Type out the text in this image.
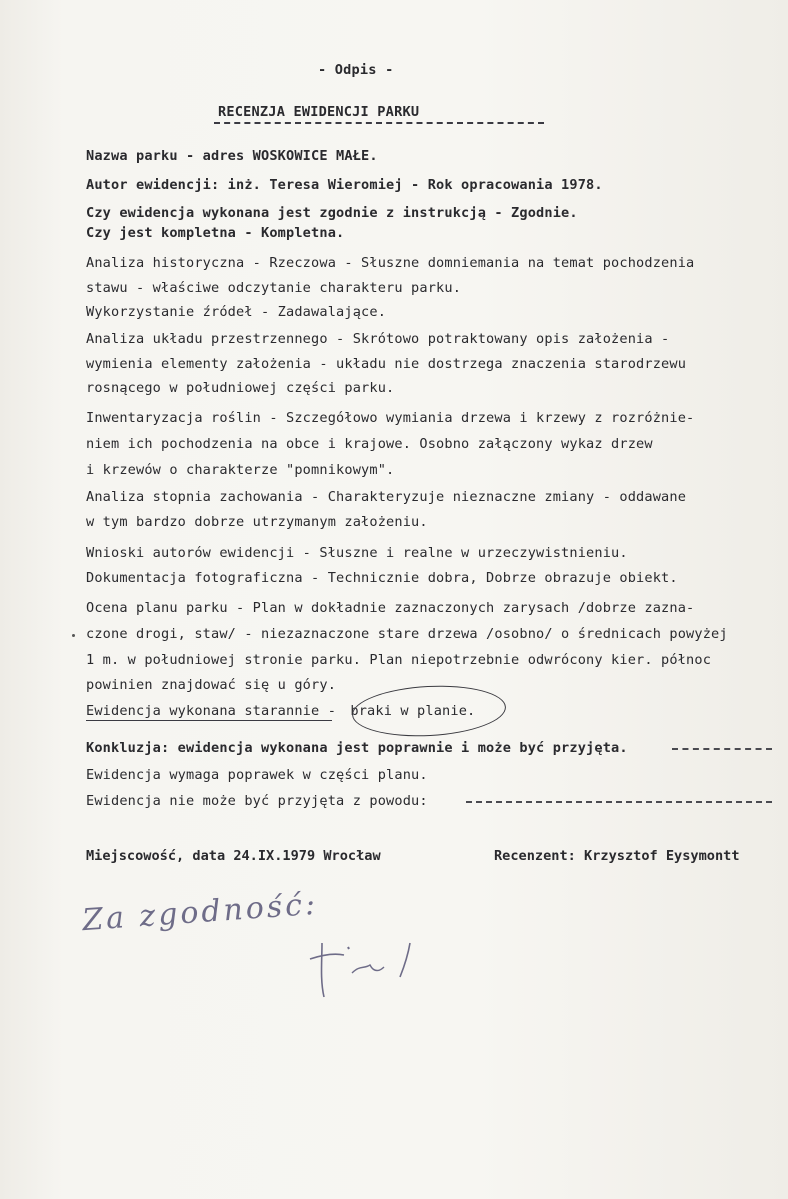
- Odpis -
RECENZJA EWIDENCJI PARKU
Nazwa parku - adres WOSKOWICE MAŁE.
Autor ewidencji: inż. Teresa Wieromiej - Rok opracowania 1978.
Czy ewidencja wykonana jest zgodnie z instrukcją - Zgodnie.
Czy jest kompletna - Kompletna.
Analiza historyczna - Rzeczowa - Słuszne domniemania na temat pochodzenia
stawu - właściwe odczytanie charakteru parku.
Wykorzystanie źródeł - Zadawalające.
Analiza układu przestrzennego - Skrótowo potraktowany opis założenia -
wymienia elementy założenia - układu nie dostrzega znaczenia starodrzewu
rosnącego w południowej części parku.
Inwentaryzacja roślin - Szczegółowo wymiania drzewa i krzewy z rozróżnie-
niem ich pochodzenia na obce i krajowe. Osobno załączony wykaz drzew
i krzewów o charakterze "pomnikowym".
Analiza stopnia zachowania - Charakteryzuje nieznaczne zmiany - oddawane
w tym bardzo dobrze utrzymanym założeniu.
Wnioski autorów ewidencji - Słuszne i realne w urzeczywistnieniu.
Dokumentacja fotograficzna - Technicznie dobra, Dobrze obrazuje obiekt.
Ocena planu parku - Plan w dokładnie zaznaczonych zarysach /dobrze zazna-
czone drogi, staw/ - niezaznaczone stare drzewa /osobno/ o średnicach powyżej
1 m. w południowej stronie parku. Plan niepotrzebnie odwrócony kier. północ
powinien znajdować się u góry.
Ewidencja wykonana starannie - braki w planie.
Konkluzja: ewidencja wykonana jest poprawnie i może być przyjęta.
Ewidencja wymaga poprawek w części planu.
Ewidencja nie może być przyjęta z powodu:
Miejscowość, data 24.IX.1979 Wrocław	Recenzent: Krzysztof Eysymontt
Za zgodność:
